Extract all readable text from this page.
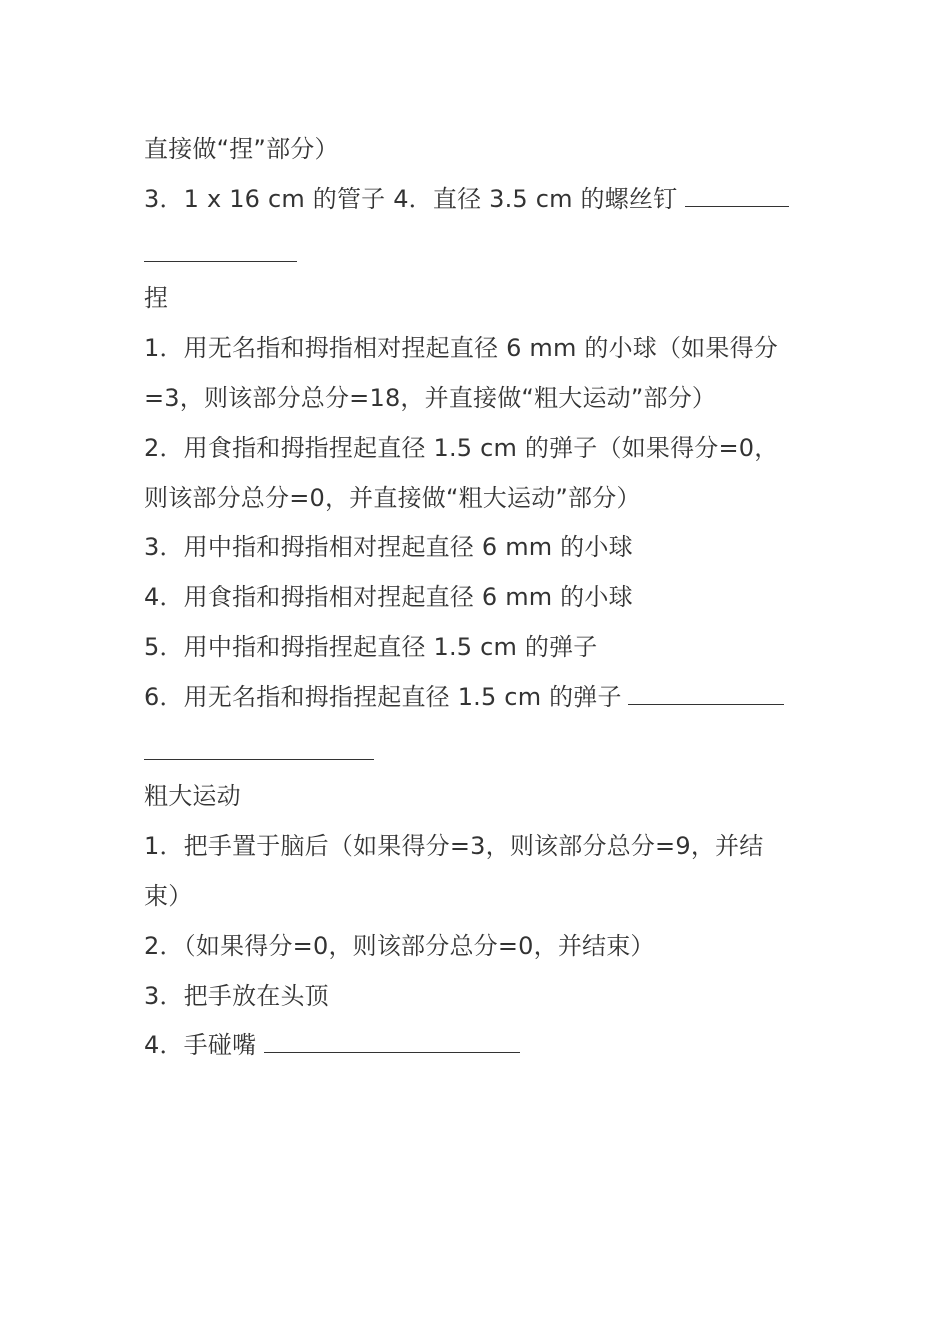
直接做“捏”部分）
3．1 x 16 cm 的管子 4．直径 3.5 cm 的螺丝钉
捏
1．用无名指和拇指相对捏起直径 6 mm 的小球（如果得分
=3，则该部分总分=18，并直接做“粗大运动”部分）
2．用食指和拇指捏起直径 1.5 cm 的弹子（如果得分=0，
则该部分总分=0，并直接做“粗大运动”部分）
3．用中指和拇指相对捏起直径 6 mm 的小球
4．用食指和拇指相对捏起直径 6 mm 的小球
5．用中指和拇指捏起直径 1.5 cm 的弹子
6．用无名指和拇指捏起直径 1.5 cm 的弹子
粗大运动
1．把手置于脑后（如果得分=3，则该部分总分=9，并结
束）
2．（如果得分=0，则该部分总分=0，并结束）
3．把手放在头顶
4．手碰嘴
